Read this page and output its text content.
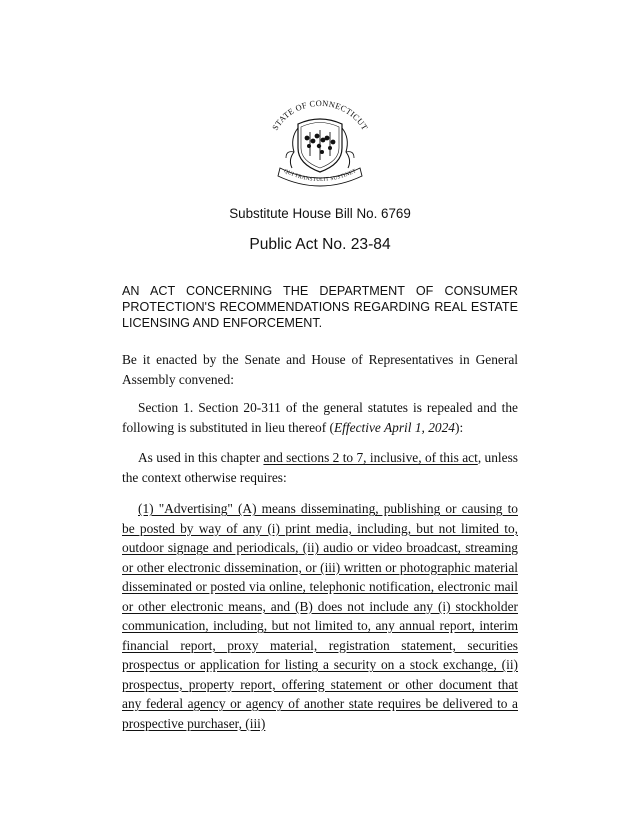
STATE OF CONNECTICUT
QUI TRANSTULIT SUSTINET
Substitute House Bill No. 6769
Public Act No. 23-84
AN ACT CONCERNING THE DEPARTMENT OF CONSUMER PROTECTION'S RECOMMENDATIONS REGARDING REAL ESTATE LICENSING AND ENFORCEMENT.
Be it enacted by the Senate and House of Representatives in General Assembly convened:
Section 1. Section 20-311 of the general statutes is repealed and the following is substituted in lieu thereof (Effective April 1, 2024):
As used in this chapter and sections 2 to 7, inclusive, of this act, unless the context otherwise requires:
(1) "Advertising" (A) means disseminating, publishing or causing to be posted by way of any (i) print media, including, but not limited to, outdoor signage and periodicals, (ii) audio or video broadcast, streaming or other electronic dissemination, or (iii) written or photographic material disseminated or posted via online, telephonic notification, electronic mail or other electronic means, and (B) does not include any (i) stockholder communication, including, but not limited to, any annual report, interim financial report, proxy material, registration statement, securities prospectus or application for listing a security on a stock exchange, (ii) prospectus, property report, offering statement or other document that any federal agency or agency of another state requires be delivered to a prospective purchaser, (iii)
